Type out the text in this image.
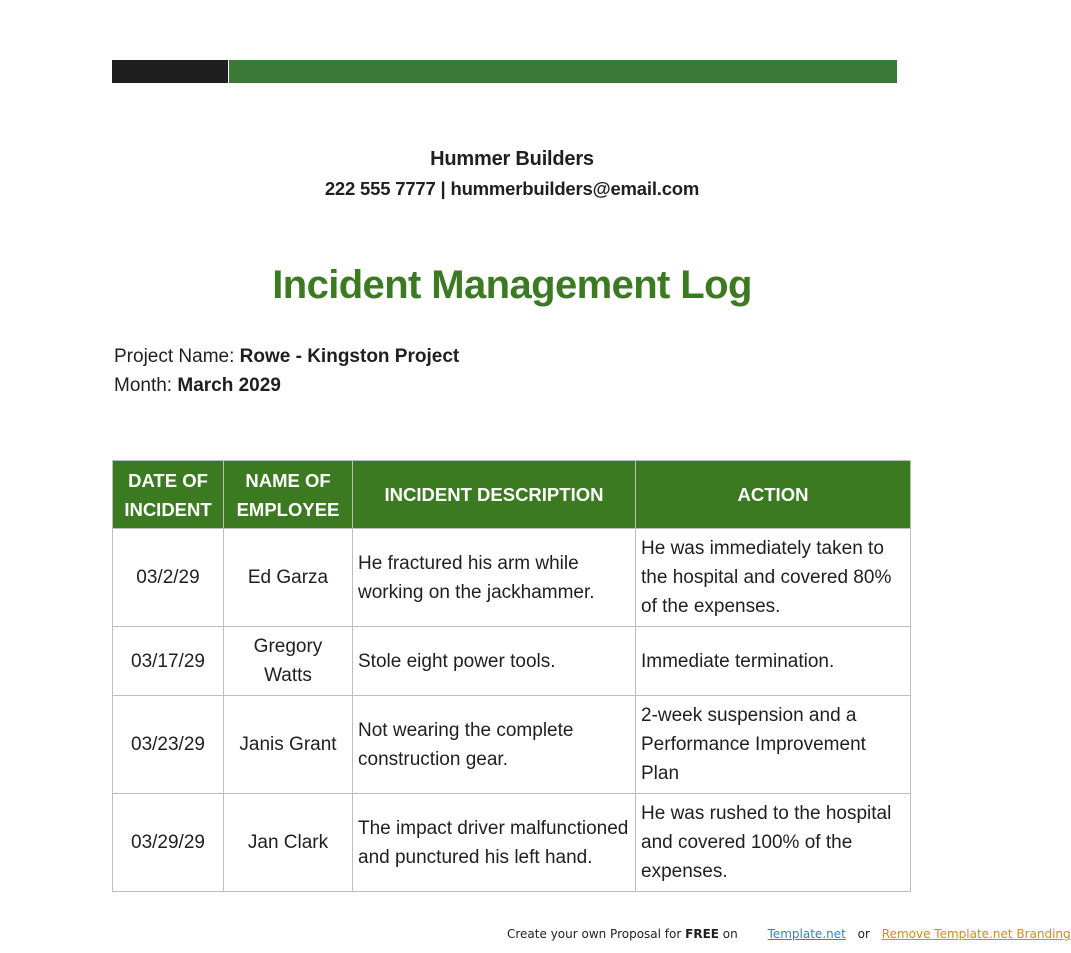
Hummer Builders
222 555 7777 | hummerbuilders@email.com
Incident Management Log
Project Name: Rowe - Kingston Project
Month: March 2029
DATE OF INCIDENT	NAME OF EMPLOYEE	INCIDENT DESCRIPTION	ACTION
03/2/29	Ed Garza	He fractured his arm while working on the jackhammer.	He was immediately taken to the hospital and covered 80% of the expenses.
03/17/29	Gregory Watts	Stole eight power tools.	Immediate termination.
03/23/29	Janis Grant	Not wearing the complete construction gear.	2-week suspension and a Performance Improvement Plan
03/29/29	Jan Clark	The impact driver malfunctioned and punctured his left hand.	He was rushed to the hospital and covered 100% of the expenses.
Create your own Proposal for FREE on Template.net or Remove Template.net Branding
